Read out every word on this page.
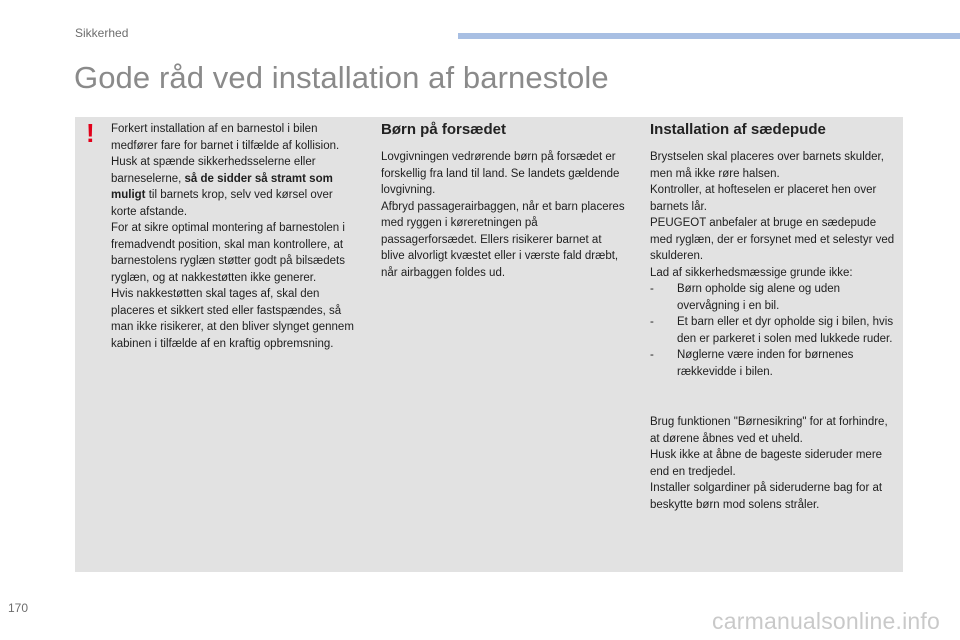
Sikkerhed
Gode råd ved installation af barnestole
! Forkert installation af en barnestol i bilen medfører fare for barnet i tilfælde af kollision. Husk at spænde sikkerhedsselerne eller barneselerne, så de sidder så stramt som muligt til barnets krop, selv ved kørsel over korte afstande.

For at sikre optimal montering af barnestolen i fremadvendt position, skal man kontrollere, at barnestolens ryglæn støtter godt på bilsædets ryglæn, og at nakkestøtten ikke generer.

Hvis nakkestøtten skal tages af, skal den placeres et sikkert sted eller fastspændes, så man ikke risikerer, at den bliver slynget gennem kabinen i tilfælde af en kraftig opbremsning.

Børn på forsædet

Lovgivningen vedrørende børn på forsædet er forskellig fra land til land. Se landets gældende lovgivning.

Afbryd passagerairbaggen, når et barn placeres med ryggen i køreretningen på passagerforsædet. Ellers risikerer barnet at blive alvorligt kvæstet eller i værste fald dræbt, når airbaggen foldes ud.

Installation af sædepude

Brystselen skal placeres over barnets skulder, men må ikke røre halsen.

Kontroller, at hofteselen er placeret hen over barnets lår.

PEUGEOT anbefaler at bruge en sædepude med ryglæn, der er forsynet med et selestyr ved skulderen.

Lad af sikkerhedsmæssige grunde ikke:

-	Børn opholde sig alene og uden overvågning i en bil.
-	Et barn eller et dyr opholde sig i bilen, hvis den er parkeret i solen med lukkede ruder.
-	Nøglerne være inden for børnenes rækkevidde i bilen.

Brug funktionen "Børnesikring" for at forhindre, at dørene åbnes ved et uheld.

Husk ikke at åbne de bageste sideruder mere end en tredjedel.

Installer solgardiner på sideruderne bag for at beskytte børn mod solens stråler.

170	carmanualsonline.info
